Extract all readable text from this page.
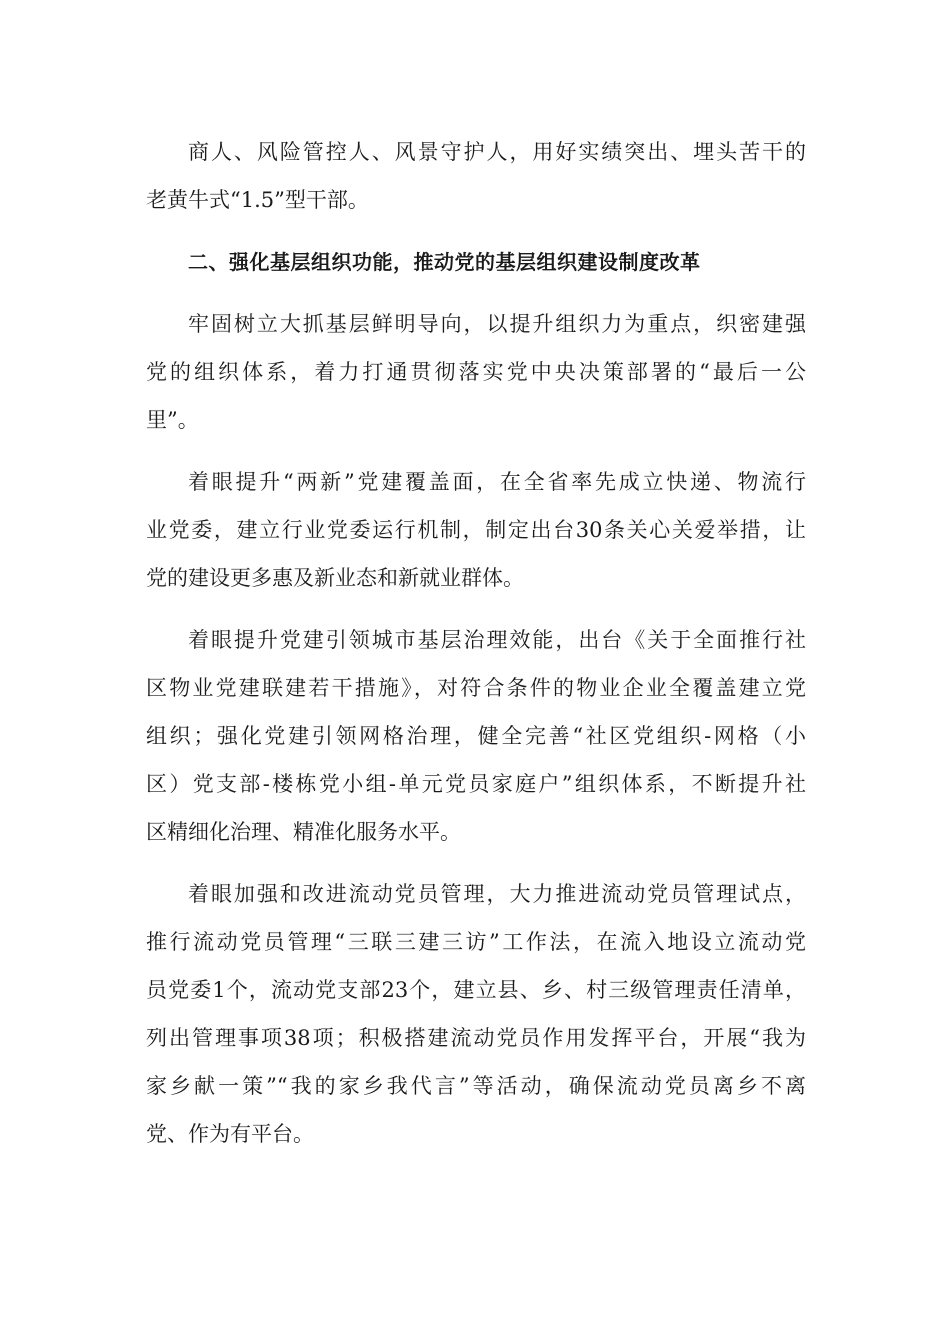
商人、风险管控人、风景守护人，用好实绩突出、埋头苦干的
老黄牛式“1.5”型干部。
二、强化基层组织功能，推动党的基层组织建设制度改革
牢固树立大抓基层鲜明导向，以提升组织力为重点，织密建强
党的组织体系，着力打通贯彻落实党中央决策部署的“最后一公
里”。
着眼提升“两新”党建覆盖面，在全省率先成立快递、物流行
业党委，建立行业党委运行机制，制定出台30条关心关爱举措，让
党的建设更多惠及新业态和新就业群体。
着眼提升党建引领城市基层治理效能，出台《关于全面推行社
区物业党建联建若干措施》，对符合条件的物业企业全覆盖建立党
组织；强化党建引领网格治理，健全完善“社区党组织-网格（小
区）党支部-楼栋党小组-单元党员家庭户”组织体系，不断提升社
区精细化治理、精准化服务水平。
着眼加强和改进流动党员管理，大力推进流动党员管理试点，
推行流动党员管理“三联三建三访”工作法，在流入地设立流动党
员党委1个，流动党支部23个，建立县、乡、村三级管理责任清单，
列出管理事项38项；积极搭建流动党员作用发挥平台，开展“我为
家乡献一策”“我的家乡我代言”等活动，确保流动党员离乡不离
党、作为有平台。
